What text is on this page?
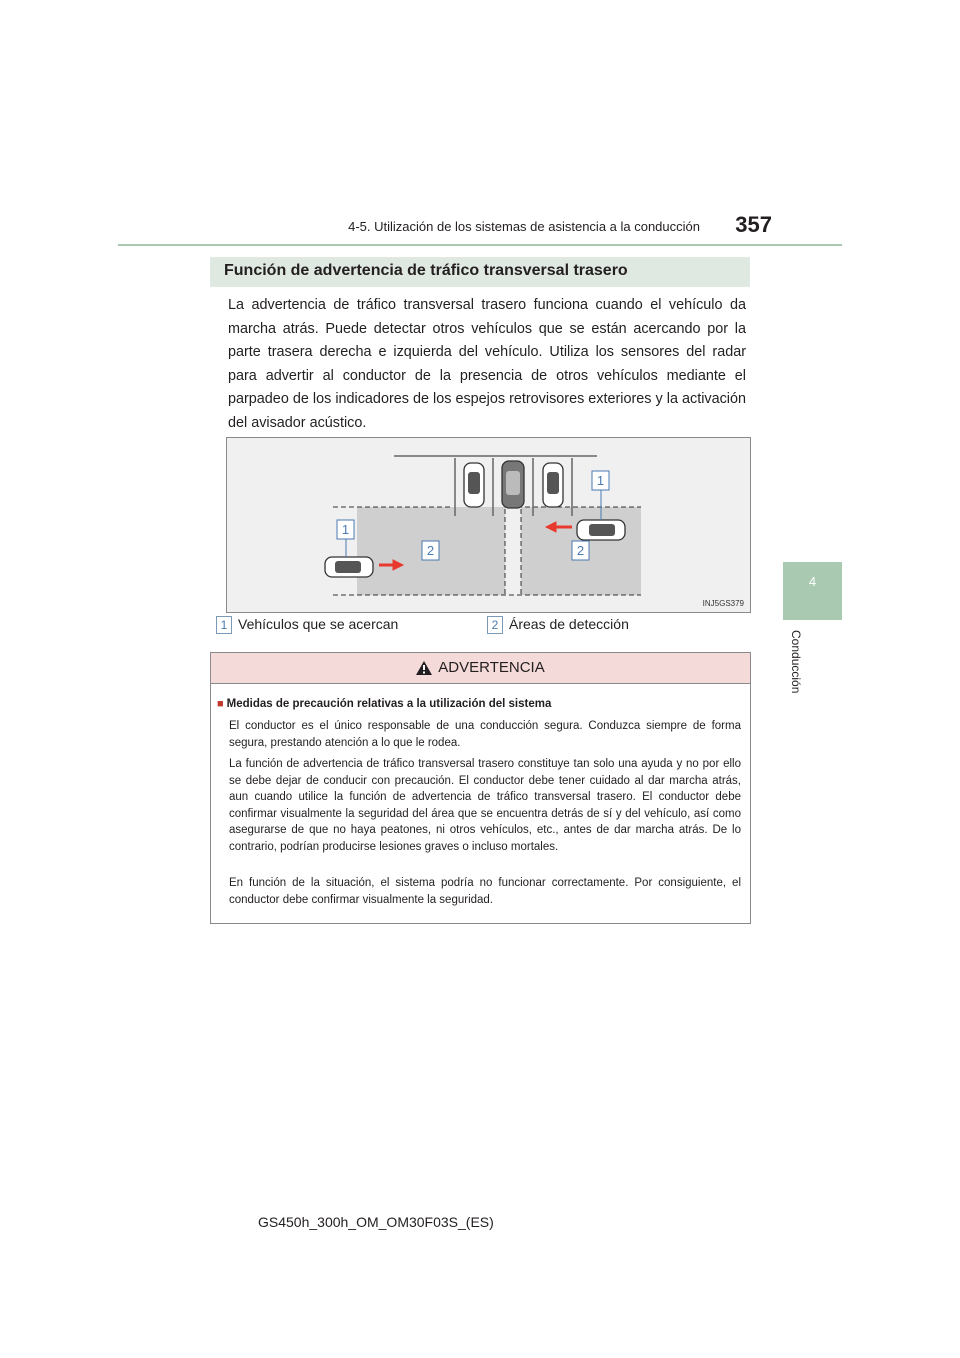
4-5. Utilización de los sistemas de asistencia a la conducción	357
4
Conducción
Función de advertencia de tráfico transversal trasero
La advertencia de tráfico transversal trasero funciona cuando el vehículo da marcha atrás. Puede detectar otros vehículos que se están acercando por la parte trasera derecha e izquierda del vehículo. Utiliza los sensores del radar para advertir al conductor de la presencia de otros vehículos mediante el parpadeo de los indicadores de los espejos retrovisores exteriores y la activación del avisador acústico.
1
1
2	2
INJ5GS379
1 Vehículos que se acercan	2 Áreas de detección
ADVERTENCIA
■ Medidas de precaución relativas a la utilización del sistema
El conductor es el único responsable de una conducción segura. Conduzca siempre de forma segura, prestando atención a lo que le rodea.
La función de advertencia de tráfico transversal trasero constituye tan solo una ayuda y no por ello se debe dejar de conducir con precaución. El conductor debe tener cuidado al dar marcha atrás, aun cuando utilice la función de advertencia de tráfico transversal trasero. El conductor debe confirmar visualmente la seguridad del área que se encuentra detrás de sí y del vehículo, así como asegurarse de que no haya peatones, ni otros vehículos, etc., antes de dar marcha atrás. De lo contrario, podrían producirse lesiones graves o incluso mortales.
En función de la situación, el sistema podría no funcionar correctamente. Por consiguiente, el conductor debe confirmar visualmente la seguridad.
GS450h_300h_OM_OM30F03S_(ES)
